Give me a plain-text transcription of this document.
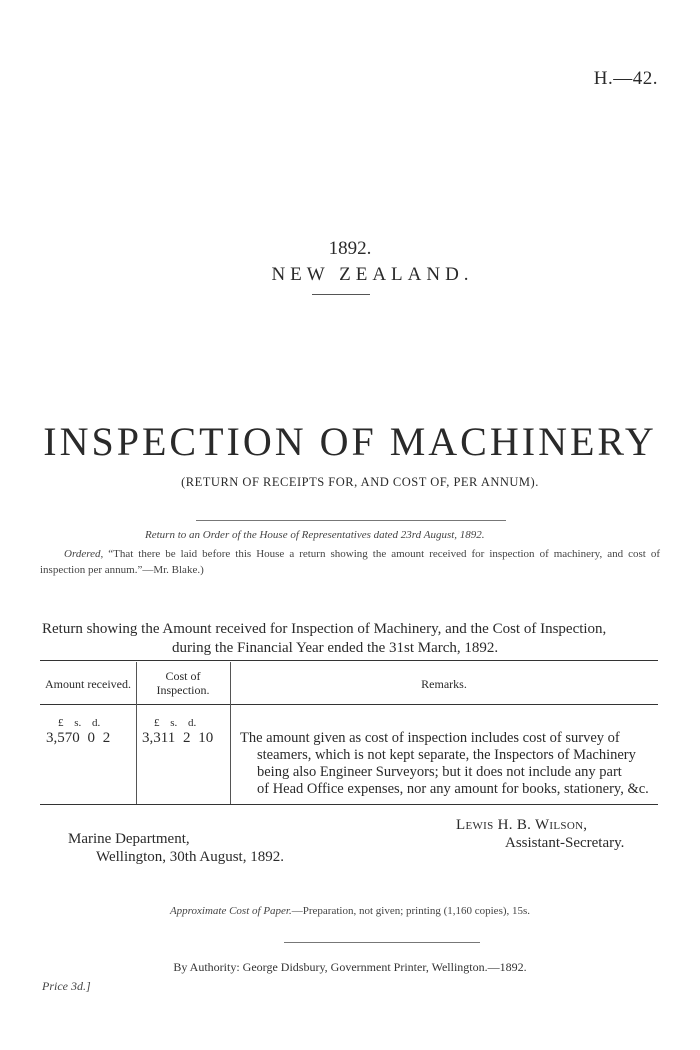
H.—42.
1892.
NEW ZEALAND.
INSPECTION OF MACHINERY
(RETURN OF RECEIPTS FOR, AND COST OF, PER ANNUM).
Return to an Order of the House of Representatives dated 23rd August, 1892.
Ordered, “That there be laid before this House a return showing the amount received for inspection of machinery, and cost of inspection per annum.”—Mr. Blake.)
Return showing the Amount received for Inspection of Machinery, and the Cost of Inspection,
during the Financial Year ended the 31st March, 1892.
Amount received.
Cost of
Inspection.	Remarks.
£ s. d.
3,570 0 2
£ s. d.
3,311 2 10 The amount given as cost of inspection includes cost of survey of
steamers, which is not kept separate, the Inspectors of Machinery
being also Engineer Surveyors; but it does not include any part
of Head Office expenses, nor any amount for books, stationery, &c.
Lewis H. B. Wilson,
Assistant-Secretary.
Marine Department,
Wellington, 30th August, 1892.
Approximate Cost of Paper.—Preparation, not given; printing (1,160 copies), 15s.
By Authority: George Didsbury, Government Printer, Wellington.—1892.
Price 3d.]
